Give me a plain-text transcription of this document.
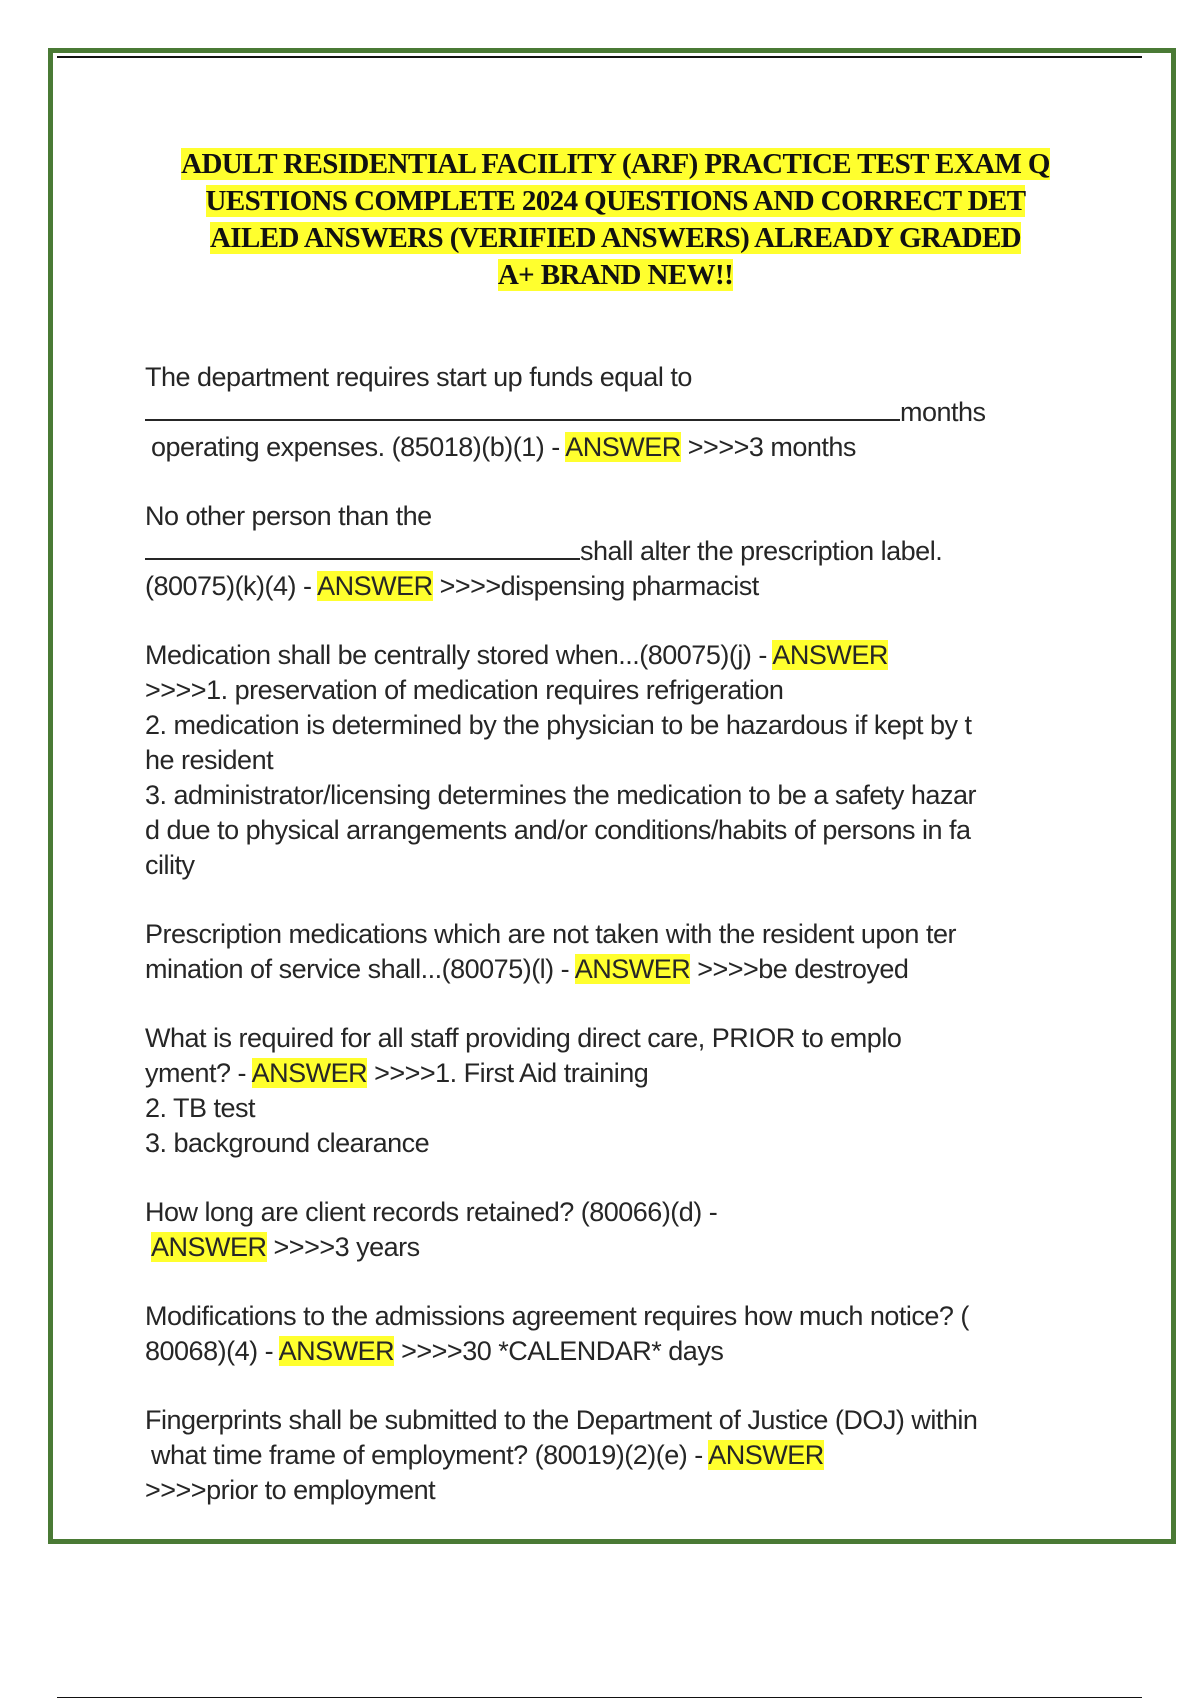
ADULT RESIDENTIAL FACILITY (ARF) PRACTICE TEST EXAM Q
UESTIONS COMPLETE 2024 QUESTIONS AND CORRECT DET
AILED ANSWERS (VERIFIED ANSWERS) ALREADY GRADED
A+ BRAND NEW!!
The department requires start up funds equal to
months
operating expenses. (85018)(b)(1) - ANSWER >>>>3 months
No other person than the
shall alter the prescription label.
(80075)(k)(4) - ANSWER >>>>dispensing pharmacist
Medication shall be centrally stored when...(80075)(j) - ANSWER
>>>>1. preservation of medication requires refrigeration
2. medication is determined by the physician to be hazardous if kept by t
he resident
3. administrator/licensing determines the medication to be a safety hazar
d due to physical arrangements and/or conditions/habits of persons in fa
cility
Prescription medications which are not taken with the resident upon ter
mination of service shall...(80075)(l) - ANSWER >>>>be destroyed
What is required for all staff providing direct care, PRIOR to emplo
yment? - ANSWER >>>>1. First Aid training
2. TB test
3. background clearance
How long are client records retained? (80066)(d) -
ANSWER >>>>3 years
Modifications to the admissions agreement requires how much notice? (
80068)(4) - ANSWER >>>>30 *CALENDAR* days
Fingerprints shall be submitted to the Department of Justice (DOJ) within
what time frame of employment? (80019)(2)(e) - ANSWER
>>>>prior to employment
